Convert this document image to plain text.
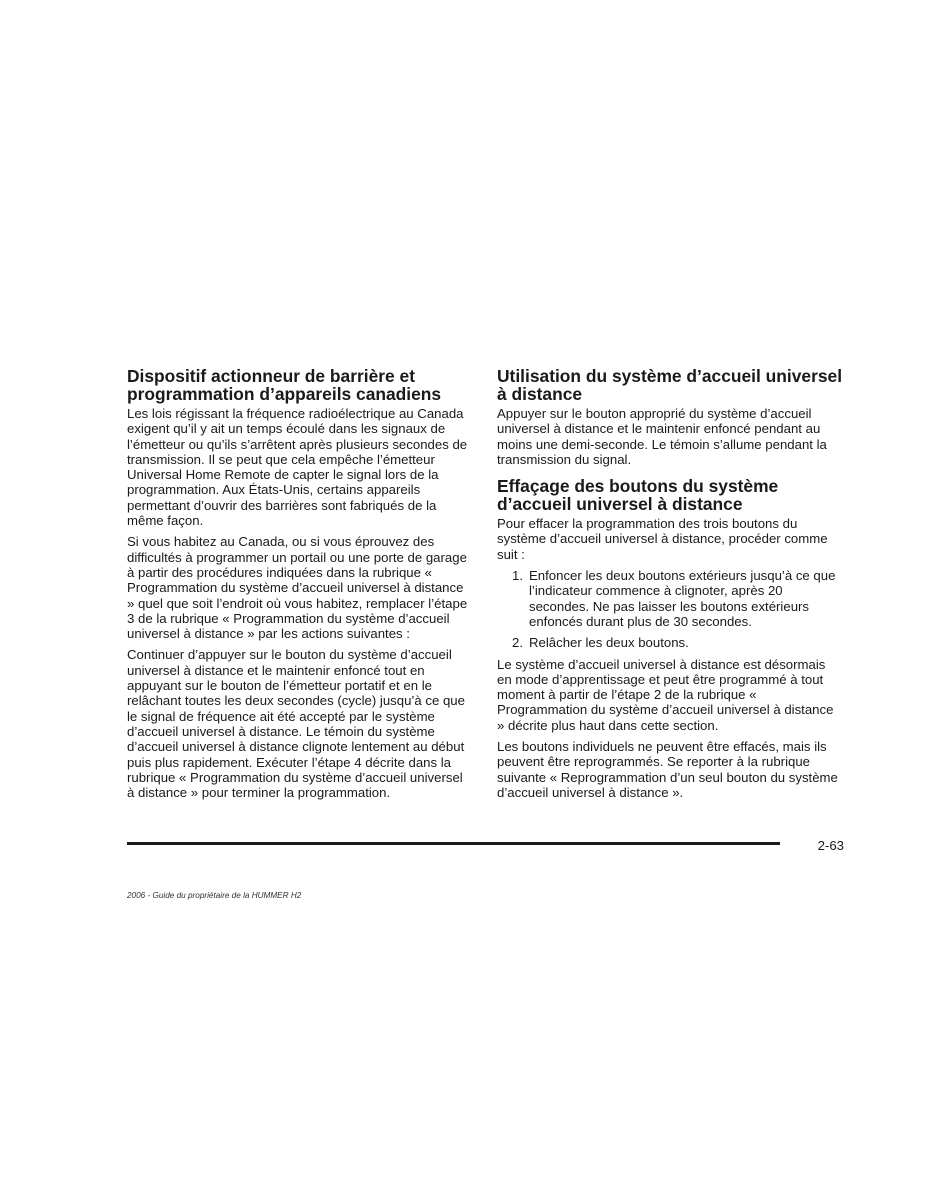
Dispositif actionneur de barrière et programmation d’appareils canadiens

Les lois régissant la fréquence radioélectrique au Canada exigent qu’il y ait un temps écoulé dans les signaux de l’émetteur ou qu’ils s’arrêtent après plusieurs secondes de transmission. Il se peut que cela empêche l’émetteur Universal Home Remote de capter le signal lors de la programmation. Aux États-Unis, certains appareils permettant d’ouvrir des barrières sont fabriqués de la même façon.

Si vous habitez au Canada, ou si vous éprouvez des difficultés à programmer un portail ou une porte de garage à partir des procédures indiquées dans la rubrique « Programmation du système d’accueil universel à distance » quel que soit l’endroit où vous habitez, remplacer l’étape 3 de la rubrique « Programmation du système d’accueil universel à distance » par les actions suivantes :

Continuer d’appuyer sur le bouton du système d’accueil universel à distance et le maintenir enfoncé tout en appuyant sur le bouton de l’émetteur portatif et en le relâchant toutes les deux secondes (cycle) jusqu’à ce que le signal de fréquence ait été accepté par le système d’accueil universel à distance. Le témoin du système d’accueil universel à distance clignote lentement au début puis plus rapidement. Exécuter l’étape 4 décrite dans la rubrique « Programmation du système d’accueil universel à distance » pour terminer la programmation.

Utilisation du système d’accueil universel à distance

Appuyer sur le bouton approprié du système d’accueil universel à distance et le maintenir enfoncé pendant au moins une demi-seconde. Le témoin s’allume pendant la transmission du signal.

Effaçage des boutons du système d’accueil universel à distance

Pour effacer la programmation des trois boutons du système d’accueil universel à distance, procéder comme suit :

1. Enfoncer les deux boutons extérieurs jusqu’à ce que l’indicateur commence à clignoter, après 20 secondes. Ne pas laisser les boutons extérieurs enfoncés durant plus de 30 secondes.
2. Relâcher les deux boutons.

Le système d’accueil universel à distance est désormais en mode d’apprentissage et peut être programmé à tout moment à partir de l’étape 2 de la rubrique « Programmation du système d’accueil universel à distance » décrite plus haut dans cette section.

Les boutons individuels ne peuvent être effacés, mais ils peuvent être reprogrammés. Se reporter à la rubrique suivante « Reprogrammation d’un seul bouton du système d’accueil universel à distance ».

2-63
2006 - Guide du propriétaire de la HUMMER H2
